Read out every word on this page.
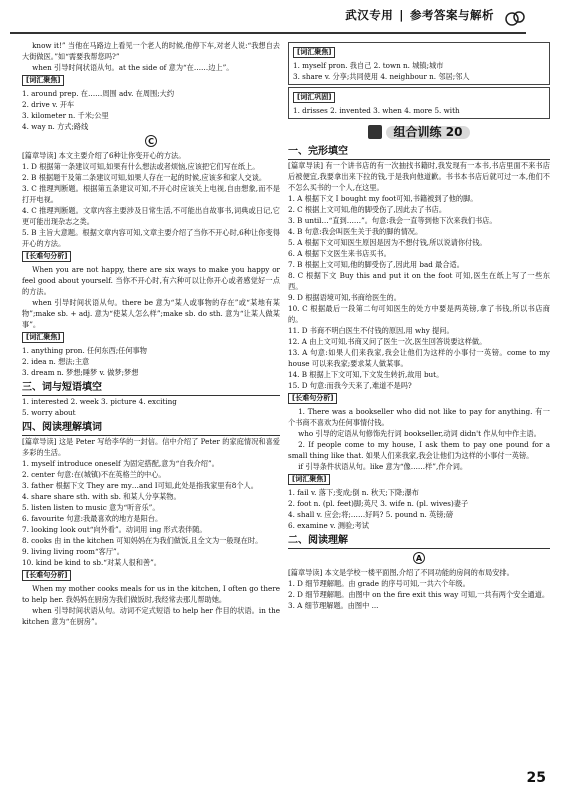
武汉专用 | 参考答案与解析

know it!” 当他在马路边上看见一个老人的时候,他停下车,对老人说:“我想自去大街做医。”如“需要我帮您吗?”

when 引导时间状语从句。at the side of 意为“在……边上”。

[词汇聚焦]

1. around prep. 在……周围 adv. 在周围;大约

2. drive v. 开车

3. kilometer n. 千米;公里

4. way n. 方式;路线

C

[篇章导读] 本文主要介绍了6种让你变开心的方法。

1. D 根据第一条建议可知,如果有什么想法或者烦恼,应该把它们写在纸上。

2. B 根据题干及第二条建议可知,如果人存在一起的时候,应该多和家人交谈。

3. C 推理判断题。根据第五条建议可知,不开心时应该关上电视,自由想象,而不是打开电视。

4. C 推理判断题。文章内容主要涉及日常生活,不可能出自故事书,词典或日记,它更可能出现杂志之类。

5. B 主旨大意题。根据文章内容可知,文章主要介绍了当你不开心时,6种让你变得开心的方法。

[长难句分析]

When you are not happy, there are six ways to make you happy or feel good about yourself. 当你不开心时,有六种可以让你开心或者感觉好一点的方法。

when 引导时间状语从句。there be 意为“某人或事物的存在”或“某地有某物”;make sb. + adj. 意为“使某人怎么样”;make sb. do sth. 意为“让某人做某事”。

[词汇聚焦]

1. anything pron. 任何东西;任何事物

2. idea n. 想法;主意

3. dream n. 梦想;睡梦 v. 做梦;梦想

三、词与短语填空

1. interested 2. week 3. picture 4. exciting

5. worry about

四、阅读理解填词

[篇章导读] 这是 Peter 写给李华的一封信。信中介绍了 Peter 的家庭情况和喜爱多彩的生活。

1. myself introduce oneself 为固定搭配,意为“自我介绍”。

2. center 句意:在(城镇)不在英格兰的中心。

3. father 根据下文 They are my…and I可知,此处是指我家里有8个人。

4. share share sth. with sb. 和某人分享某物。

5. listen listen to music 意为“听音乐”。

6. favourite 句意:我最喜欢的地方是阳台。

7. looking look out“向外看”。动词用 ing 形式表伴随。

8. cooks 由 in the kitchen 可知妈妈在为我们做饭,且全文为一般现在时。

9. living living room“客厅”。

10. kind be kind to sb.“对某人很和善”。

[长难句分析]

When my mother cooks meals for us in the kitchen, I often go there to help her. 我妈妈在厨房为我们做饭时,我经常去那儿帮助她。

when 引导时间状语从句。动词不定式短语 to help her 作目的状语。in the kitchen 意为“在厨房”。

[词汇聚焦]

1. myself pron. 我自己 2. town n. 城镇;城市

3. share v. 分享;共同使用 4. neighbour n. 邻居;邻人

[词汇巩固]

1. drisses 2. invented 3. when 4. more 5. with

组合训练 20
一、完形填空

[篇章导读] 有一个讲书店的有一次抽找书籍时,我发现有一本书,书店里面不来书店后被便宜,我要拿出来下拉的钱,于是我向他道歉。书书本书店后就可过一本,他们不不怎么买书的一个人,在这里。

1. A 根据下文 I bought my foot可知,书籍被到了他的脚。

2. C 根据上文可知,他的脚受伤了,因此去了书店。

3. B until…“直到……”。句意:我会一直等到他下次来我们书店。

4. B 句意:我会叫医生关于我的脚的情况。

5. A 根据下文可知医生原因是因为不想付钱,所以说请你付钱。

6. A 根据下文医生来书店买书。

7. B 根据上文可知,他的脚受伤了,因此用 bad 最合适。

8. C 根据下文 Buy this and put it on the foot 可知,医生在纸上写了一些东西。

9. D 根据语境可知,书商给医生的。

10. C 根据最后一段第二句可知医生的处方中要是两英镑,拿了书钱,所以书店商的。

11. D 书商不明白医生不付钱的原因,用 why 提问。

12. A 由上文可知,书商又问了医生一次,医生回答说要这样做。

13. A 句意:如果人们来我家,我会让他们为这样的小事付一英镑。come to my house 可以来我家;要求某人做某事。

14. B 根据上下文可知,下文发生转折,故用 but。

15. D 句意:而我今天来了,难道不是吗?

[长难句分析]

1. There was a bookseller who did not like to pay for anything. 有一个书商不喜欢为任何事情付钱。

who 引导的定语从句修饰先行词 bookseller,动词 didn't 作从句中作主语。

2. If people come to my house, I ask them to pay one pound for a small thing like that. 如果人们来我家,我会让他们为这样的小事付一英镑。

if 引导条件状语从句。like 意为“像……样”,作介词。

[词汇聚焦]

1. fail v. 落下;变成;倒 n. 秋天;下降;瀑布

2. foot n. (pl. feet)脚;英尺 3. wife n. (pl. wives)妻子

4. shall v. 应会;将;……好吗? 5. pound n. 英镑;磅

6. examine v. 测验;考试

二、阅读理解
A

[篇章导读] 本文是学校一楼平面图,介绍了不同功能的房间的布局安排。

1. D 细节理解题。由 grade 的序号可知,一共六个年级。

2. D 细节理解题。由图中 on the fire exit this way 可知,一共有两个安全通道。

3. A 细节理解题。由图中 ...

25
